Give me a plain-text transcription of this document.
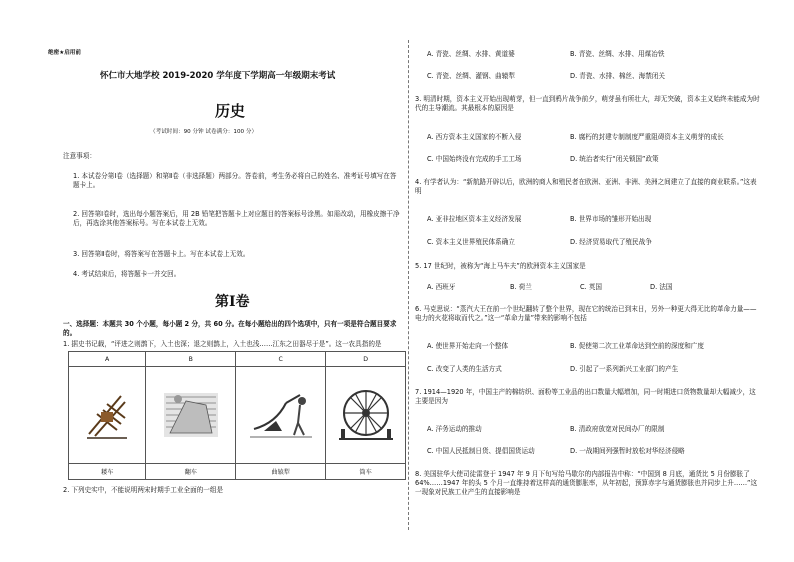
绝密★启用前
怀仁市大地学校 2019-2020 学年度下学期高一年级期末考试
历史
（考试时间：90 分钟 试卷满分：100 分）
注意事项：
1. 本试卷分第Ⅰ卷（选择题）和第Ⅱ卷（非选择题）两部分。答卷前，考生务必将自己的姓名、准考证号填写在答题卡上。
2. 回答第Ⅰ卷时，选出每小题答案后，用 2B 铅笔把答题卡上对应题目的答案标号涂黑。如需改动，用橡皮擦干净后，再选涂其他答案标号。写在本试卷上无效。
3. 回答第Ⅱ卷时，将答案写在答题卡上。写在本试卷上无效。
4. 考试结束后，将答题卡一并交回。
第Ⅰ卷
一、选择题：本题共 30 个小题，每小题 2 分，共 60 分。在每小题给出的四个选项中，只有一项是符合题目要求的。
1. 据史书记载，“评进之则鹊下，入土也深；退之则鹊上，入土也浅……江东之田器尽于是”。这一农具指的是
A	B	C	D

耧车	翻车	曲辕犁	筒车
2. 下列史实中，不能说明两宋时期手工业全面的一组是
A. 青瓷、丝绸、水排、黄道婆	B. 青瓷、丝绸、水排、用煤冶铁
C. 青瓷、丝绸、灌钢、曲辕犁	D. 青瓷、水排、棉丝、海禁闭关
3. 明清时期，资本主义开始出现萌芽，但一直到鸦片战争前夕，萌芽虽有所壮大，却无突破，资本主义始终未能成为时代的主导潮流。其最根本的原因是
A. 西方资本主义国家的不断入侵	B. 腐朽的封建专制制度严重阻碍资本主义萌芽的成长
C. 中国始终没有完成的手工工场	D. 统治者实行“闭关锁国”政策
4. 有学者认为：“新航路开辟以后，欧洲的商人和殖民者在欧洲、亚洲、非洲、美洲之间建立了直接的商业联系。”这表明
A. 亚非拉地区资本主义经济发展	B. 世界市场的雏形开始出现
C. 资本主义世界殖民体系确立	D. 经济贸易取代了殖民战争
5. 17 世纪时，被称为“海上马车夫”的欧洲资本主义国家是
A. 西班牙	B. 荷兰	C. 英国	D. 法国
6. 马克思说：“蒸汽大王在前一个世纪翻转了整个世界，现在它的统治已到末日，另外一种更大得无比的革命力量——电力的火花将取而代之。”这一“革命力量”带来的影响不包括
A. 使世界开始走向一个整体	B. 促使第二次工业革命达到空前的深度和广度
C. 改变了人类的生活方式	D. 引起了一系列新兴工业部门的产生
7. 1914—1920 年，中国主产的棉纺织、面粉等工业品的出口数量大幅增加，同一时期进口货物数量却大幅减少，这主要是因为
A. 洋务运动的推动	B. 清政府放宽对民间办厂的限制
C. 中国人民抵制日货、提倡国货运动	D. 一战期间列强暂时放松对华经济侵略
8. 美国驻华大使司徒雷登于 1947 年 9 月下旬写给马歇尔的内部报告中称：“中国到 8 月底，通货比 5 月份膨胀了 64%……1947 年的头 5 个月一直维持着这样高的通货膨胀率，从年初起，预算赤字与通货膨胀也并同步上升……”这一现象对民族工业产生的直接影响是
